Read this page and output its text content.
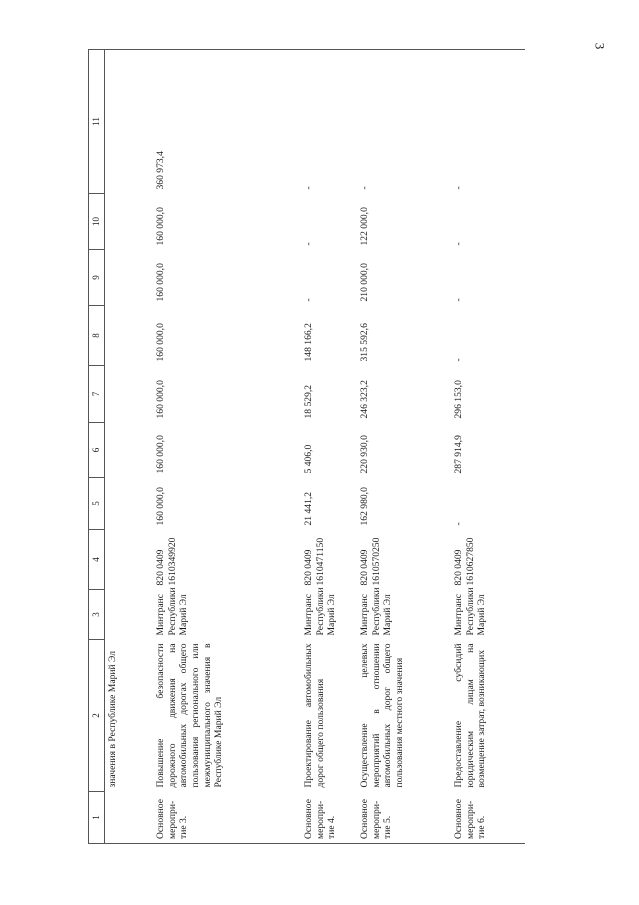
3
1	2	3	4	5	6	7	8	9	10	11
	значения в Республике Марий Эл									
Основное меропри-тие 3.	Повышение безопасности дорожного движения на автомобильных дорогах общего пользования регионального или межмуниципального значения в Республике Марий Эл	Минтранс Республики Марий Эл	820 0409 1610349920	160 000,0	160 000,0	160 000,0	160 000,0	160 000,0	160 000,0	360 973,4
Основное меропри-тие 4.	Проектирование автомобильных дорог общего пользования	Минтранс Республики Марий Эл	820 0409 1610471150	21 441,2	5 406,0	18 529,2	148 166,2	-	-	-
Основное меропри-тие 5.	Осуществление целевых мероприятий в отношении автомобильных дорог общего пользования местного значения	Минтранс Республики Марий Эл	820 0409 1610570250	162 980,0	220 930,0	246 323,2	315 592,6	210 000,0	122 000,0	-
Основное меропри-тие 6.	Предоставление субсидий юридическим лицам на возмещение затрат, возникающих	Минтранс Республики Марий Эл	820 0409 1610627850	-	287 914,9	296 153,0	-	-	-	-
